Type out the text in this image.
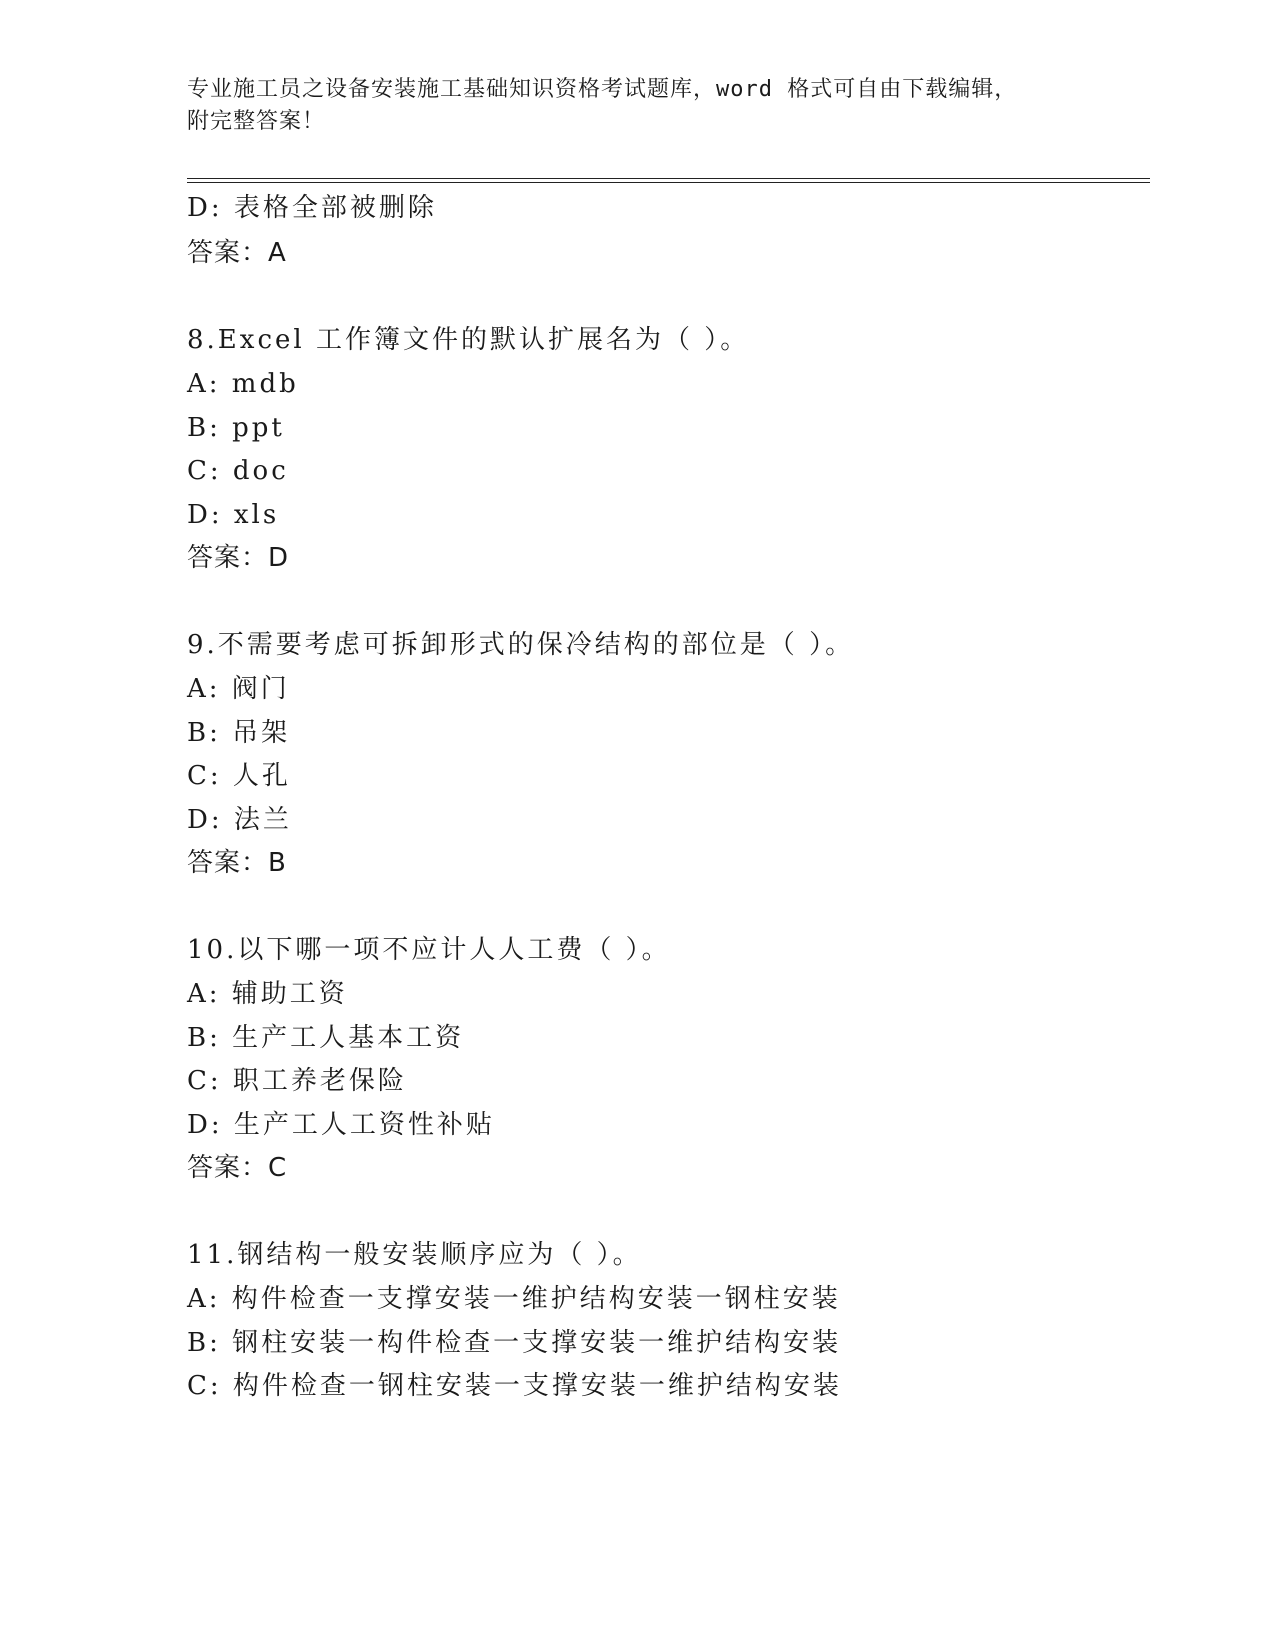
专业施工员之设备安装施工基础知识资格考试题库，word 格式可自由下载编辑，
附完整答案！
D: 表格全部被删除
答案：A
8.Excel 工作簿文件的默认扩展名为（ ）。
A: mdb
B: ppt
C: doc
D: xls
答案：D
9.不需要考虑可拆卸形式的保冷结构的部位是（ ）。
A: 阀门
B: 吊架
C: 人孔
D: 法兰
答案：B
10.以下哪一项不应计人人工费（ ）。
A: 辅助工资
B: 生产工人基本工资
C: 职工养老保险
D: 生产工人工资性补贴
答案：C
11.钢结构一般安装顺序应为（ ）。
A: 构件检查一支撑安装一维护结构安装一钢柱安装
B: 钢柱安装一构件检查一支撑安装一维护结构安装
C: 构件检查一钢柱安装一支撑安装一维护结构安装
